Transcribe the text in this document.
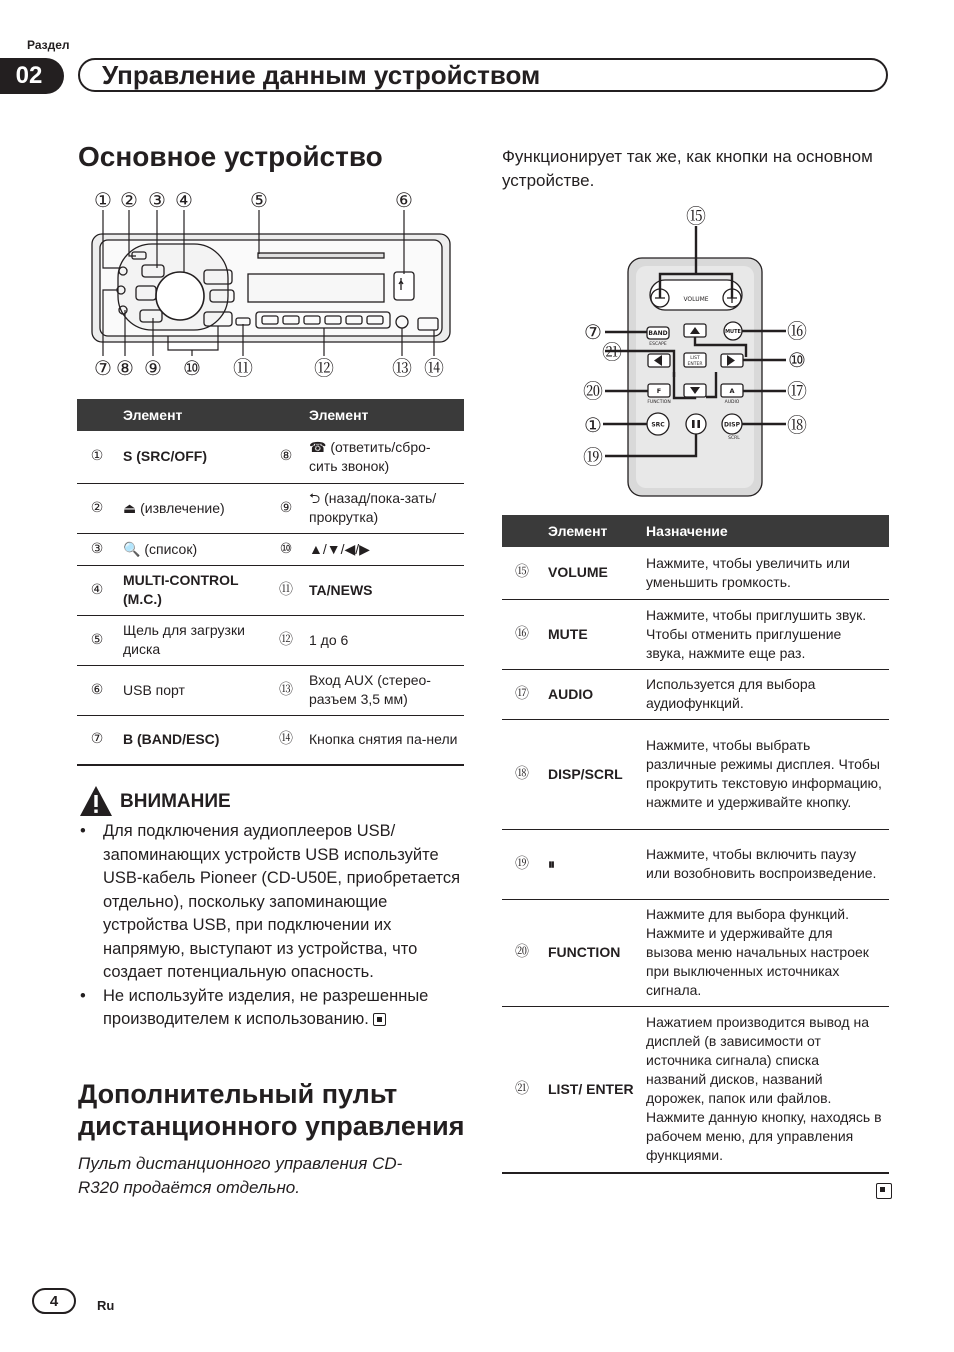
Раздел
02	Управление данным устройством
Основное устройство
① ② ③ ④	⑤	⑥
⑦ ⑧ ⑨ ⑩ ⑪	⑫	⑬ ⑭
	Элемент		Элемент
①	S (SRC/OFF)	⑧	☎ (ответить/сбро-сить звонок)
②	⏏ (извлечение)	⑨	⮌ (назад/пока-зать/прокрутка)
③	🔍 (список)	⑩	▲/▼/◀/▶
④	MULTI-CONTROL (M.C.)	⑪	TA/NEWS
⑤	Щель для загрузки диска	⑫	1 до 6
⑥	USB порт	⑬	Вход AUX (стерео-разъем 3,5 мм)
⑦	B (BAND/ESC)	⑭	Кнопка снятия па-нели
ВНИМАНИЕ
• Для подключения аудиоплееров USB/запоминающих устройств USB используйте USB-кабель Pioneer (CD-U50E, приобретается отдельно), поскольку запоминающие устройства USB, при подключении их напрямую, выступают из устройства, что создает потенциальную опасность.
• Не используйте изделия, не разрешенные производителем к использованию.
Дополнительный пульт
дистанционного управления
Пульт дистанционного управления CD-R320 продаётся отдельно.
Функционирует так же, как кнопки на основном устройстве.
VOLUME
BAND
ESCAPE
MUTE
LIST
ENTER
F
FUNCTION
A
AUDIO
SRC	DISP
SCRL
⑮
⑦	⑯
㉑	⑩
⑳	⑰
①	⑱
⑲
	Элемент	Назначение
⑮	VOLUME	Нажмите, чтобы увеличить или уменьшить громкость.
⑯	MUTE	Нажмите, чтобы приглушить звук. Чтобы отменить приглушение звука, нажмите еще раз.
⑰	AUDIO	Используется для выбора аудиофункций.
⑱	DISP/SCRL	Нажмите, чтобы выбрать различные режимы дисплея. Чтобы прокрутить текстовую информацию, нажмите и удерживайте кнопку.
⑲	⏸	Нажмите, чтобы включить паузу или возобновить воспроизведение.
⑳	FUNCTION	Нажмите для выбора функций. Нажмите и удерживайте для вызова меню начальных настроек при выключенных источниках сигнала.
㉑	LIST/ ENTER	Нажатием производится вывод на дисплей (в зависимости от источника сигнала) списка названий дисков, названий дорожек, папок или файлов. Нажмите данную кнопку, находясь в рабочем меню, для управления функциями.
4	Ru
